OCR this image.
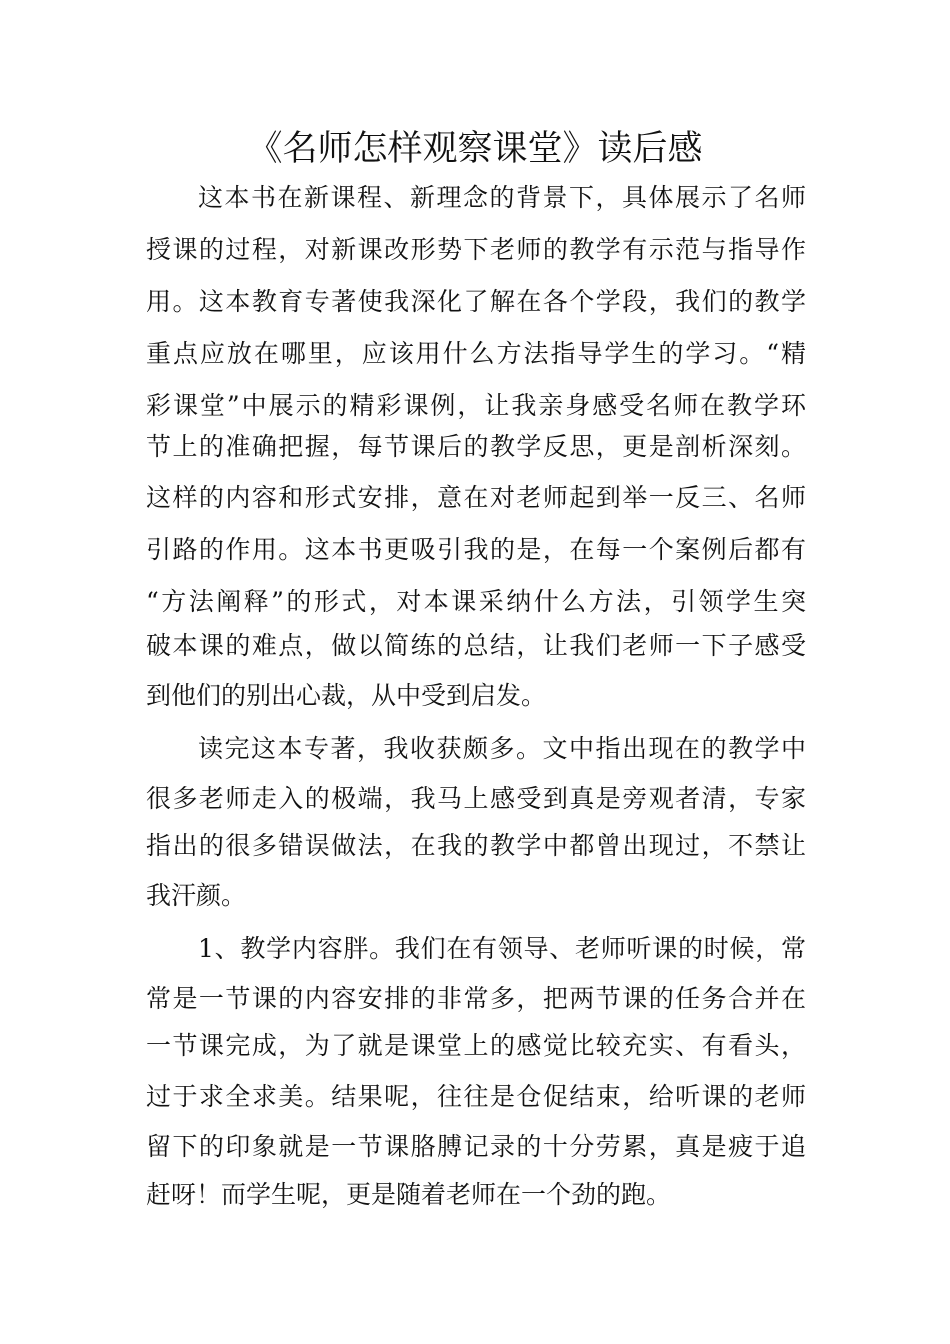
《名师怎样观察课堂》读后感
这本书在新课程、新理念的背景下，具体展示了名师
授课的过程，对新课改形势下老师的教学有示范与指导作
用。这本教育专著使我深化了解在各个学段，我们的教学
重点应放在哪里，应该用什么方法指导学生的学习。“精
彩课堂”中展示的精彩课例，让我亲身感受名师在教学环
节上的准确把握，每节课后的教学反思，更是剖析深刻。
这样的内容和形式安排，意在对老师起到举一反三、名师
引路的作用。这本书更吸引我的是，在每一个案例后都有
“方法阐释”的形式，对本课采纳什么方法，引领学生突
破本课的难点，做以简练的总结，让我们老师一下子感受
到他们的别出心裁，从中受到启发。
读完这本专著，我收获颇多。文中指出现在的教学中
很多老师走入的极端，我马上感受到真是旁观者清，专家
指出的很多错误做法，在我的教学中都曾出现过，不禁让
我汗颜。
1、教学内容胖。我们在有领导、老师听课的时候，常
常是一节课的内容安排的非常多，把两节课的任务合并在
一节课完成，为了就是课堂上的感觉比较充实、有看头，
过于求全求美。结果呢，往往是仓促结束，给听课的老师
留下的印象就是一节课胳膊记录的十分劳累，真是疲于追
赶呀！而学生呢，更是随着老师在一个劲的跑。
